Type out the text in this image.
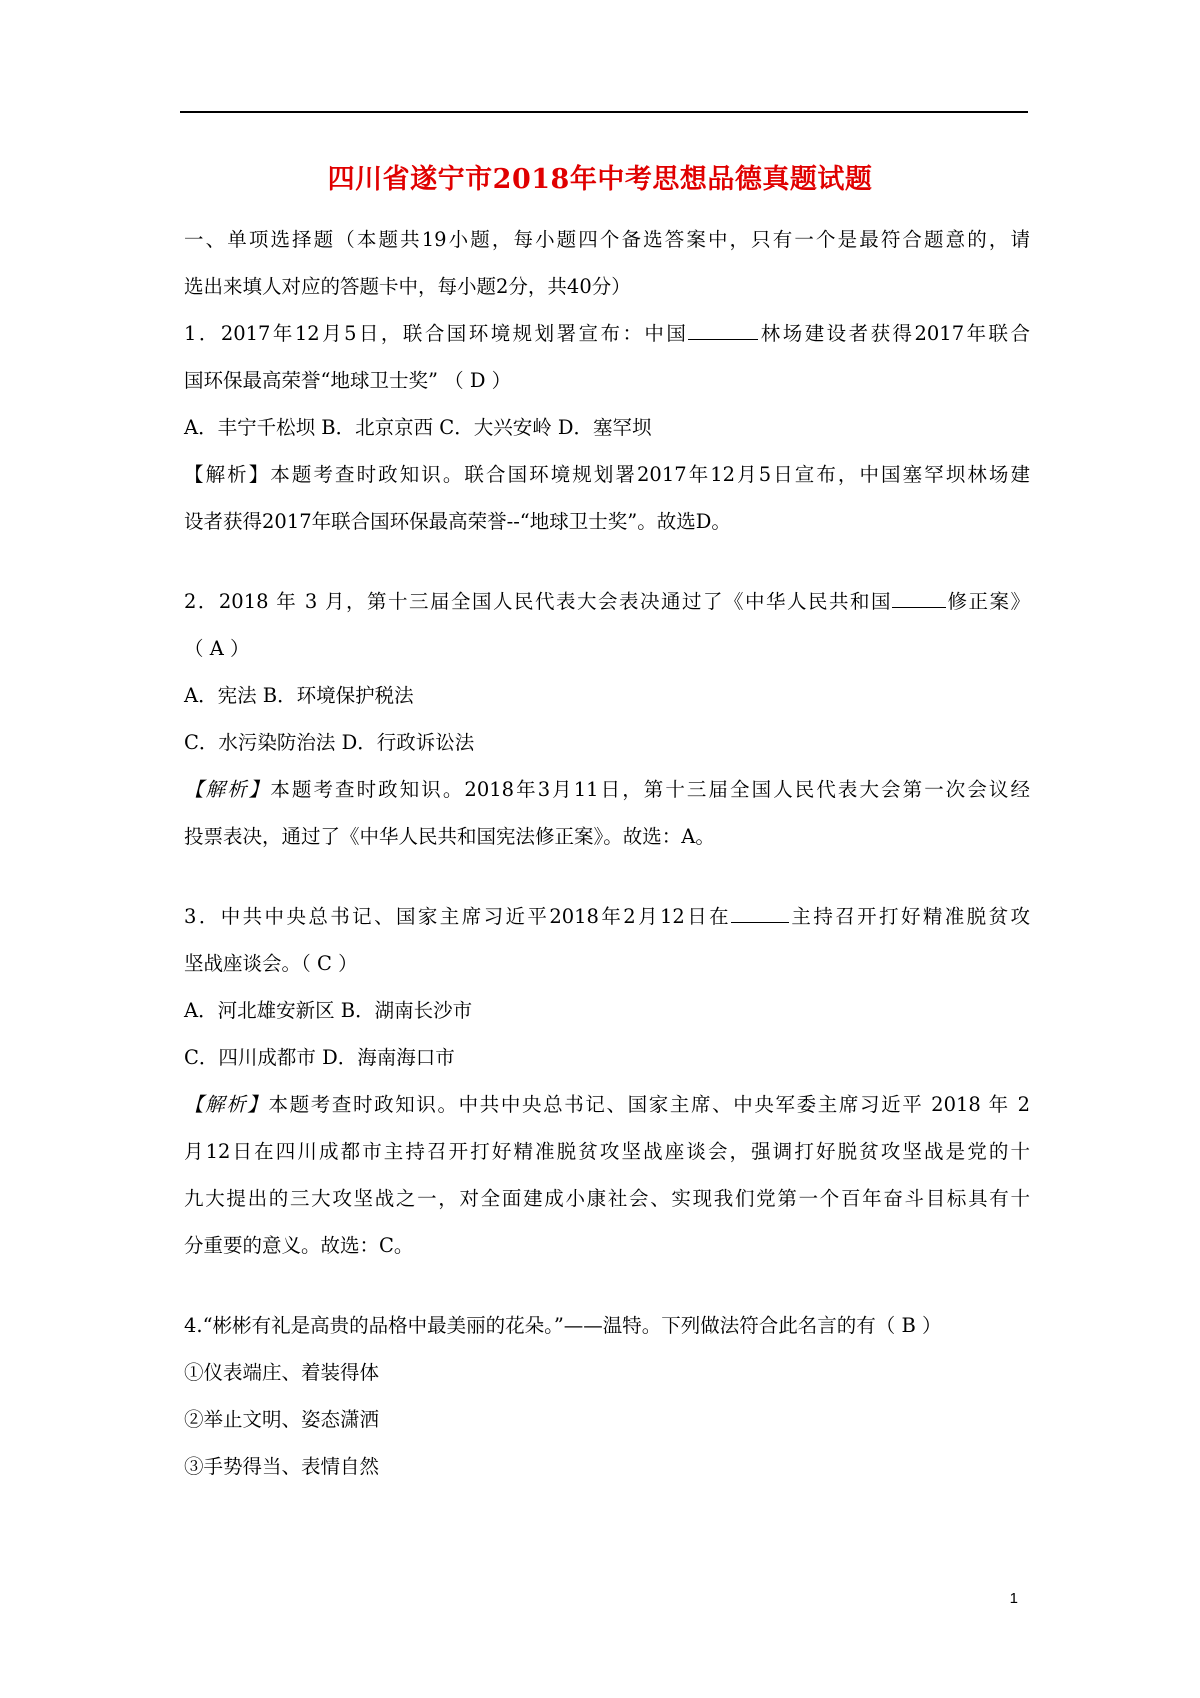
四川省遂宁市2018年中考思想品德真题试题

一、单项选择题（本题共19小题，每小题四个备选答案中，只有一个是最符合题意的，请

选出来填人对应的答题卡中，每小题2分，共40分）

1．2017年12月5日，联合国环境规划署宣布：中国	林场建设者获得2017年联合

国环保最高荣誉“地球卫士奖” （ D ）

A．丰宁千松坝 B．北京京西 C．大兴安岭 D．塞罕坝

【解析】本题考查时政知识。联合国环境规划署2017年12月5日宣布，中国塞罕坝林场建

设者获得2017年联合国环保最高荣誉--“地球卫士奖”。故选D。

2．2018 年 3 月，第十三届全国人民代表大会表决通过了《中华人民共和国	修正案》

（ A ）

A．宪法 B．环境保护税法

C．水污染防治法 D．行政诉讼法

【解析】本题考查时政知识。2018年3月11日，第十三届全国人民代表大会第一次会议经

投票表决，通过了《中华人民共和国宪法修正案》。故选：A。

3．中共中央总书记、国家主席习近平2018年2月12日在	主持召开打好精准脱贫攻

坚战座谈会。（ C ）

A．河北雄安新区 B．湖南长沙市

C．四川成都市 D．海南海口市

【解析】本题考查时政知识。中共中央总书记、国家主席、中央军委主席习近平 2018 年 2

月12日在四川成都市主持召开打好精准脱贫攻坚战座谈会，强调打好脱贫攻坚战是党的十

九大提出的三大攻坚战之一，对全面建成小康社会、实现我们党第一个百年奋斗目标具有十

分重要的意义。故选：C。

4.“彬彬有礼是高贵的品格中最美丽的花朵。”——温特。下列做法符合此名言的有（ B ）

①仪表端庄、着装得体

②举止文明、姿态潇洒

③手势得当、表情自然

1
